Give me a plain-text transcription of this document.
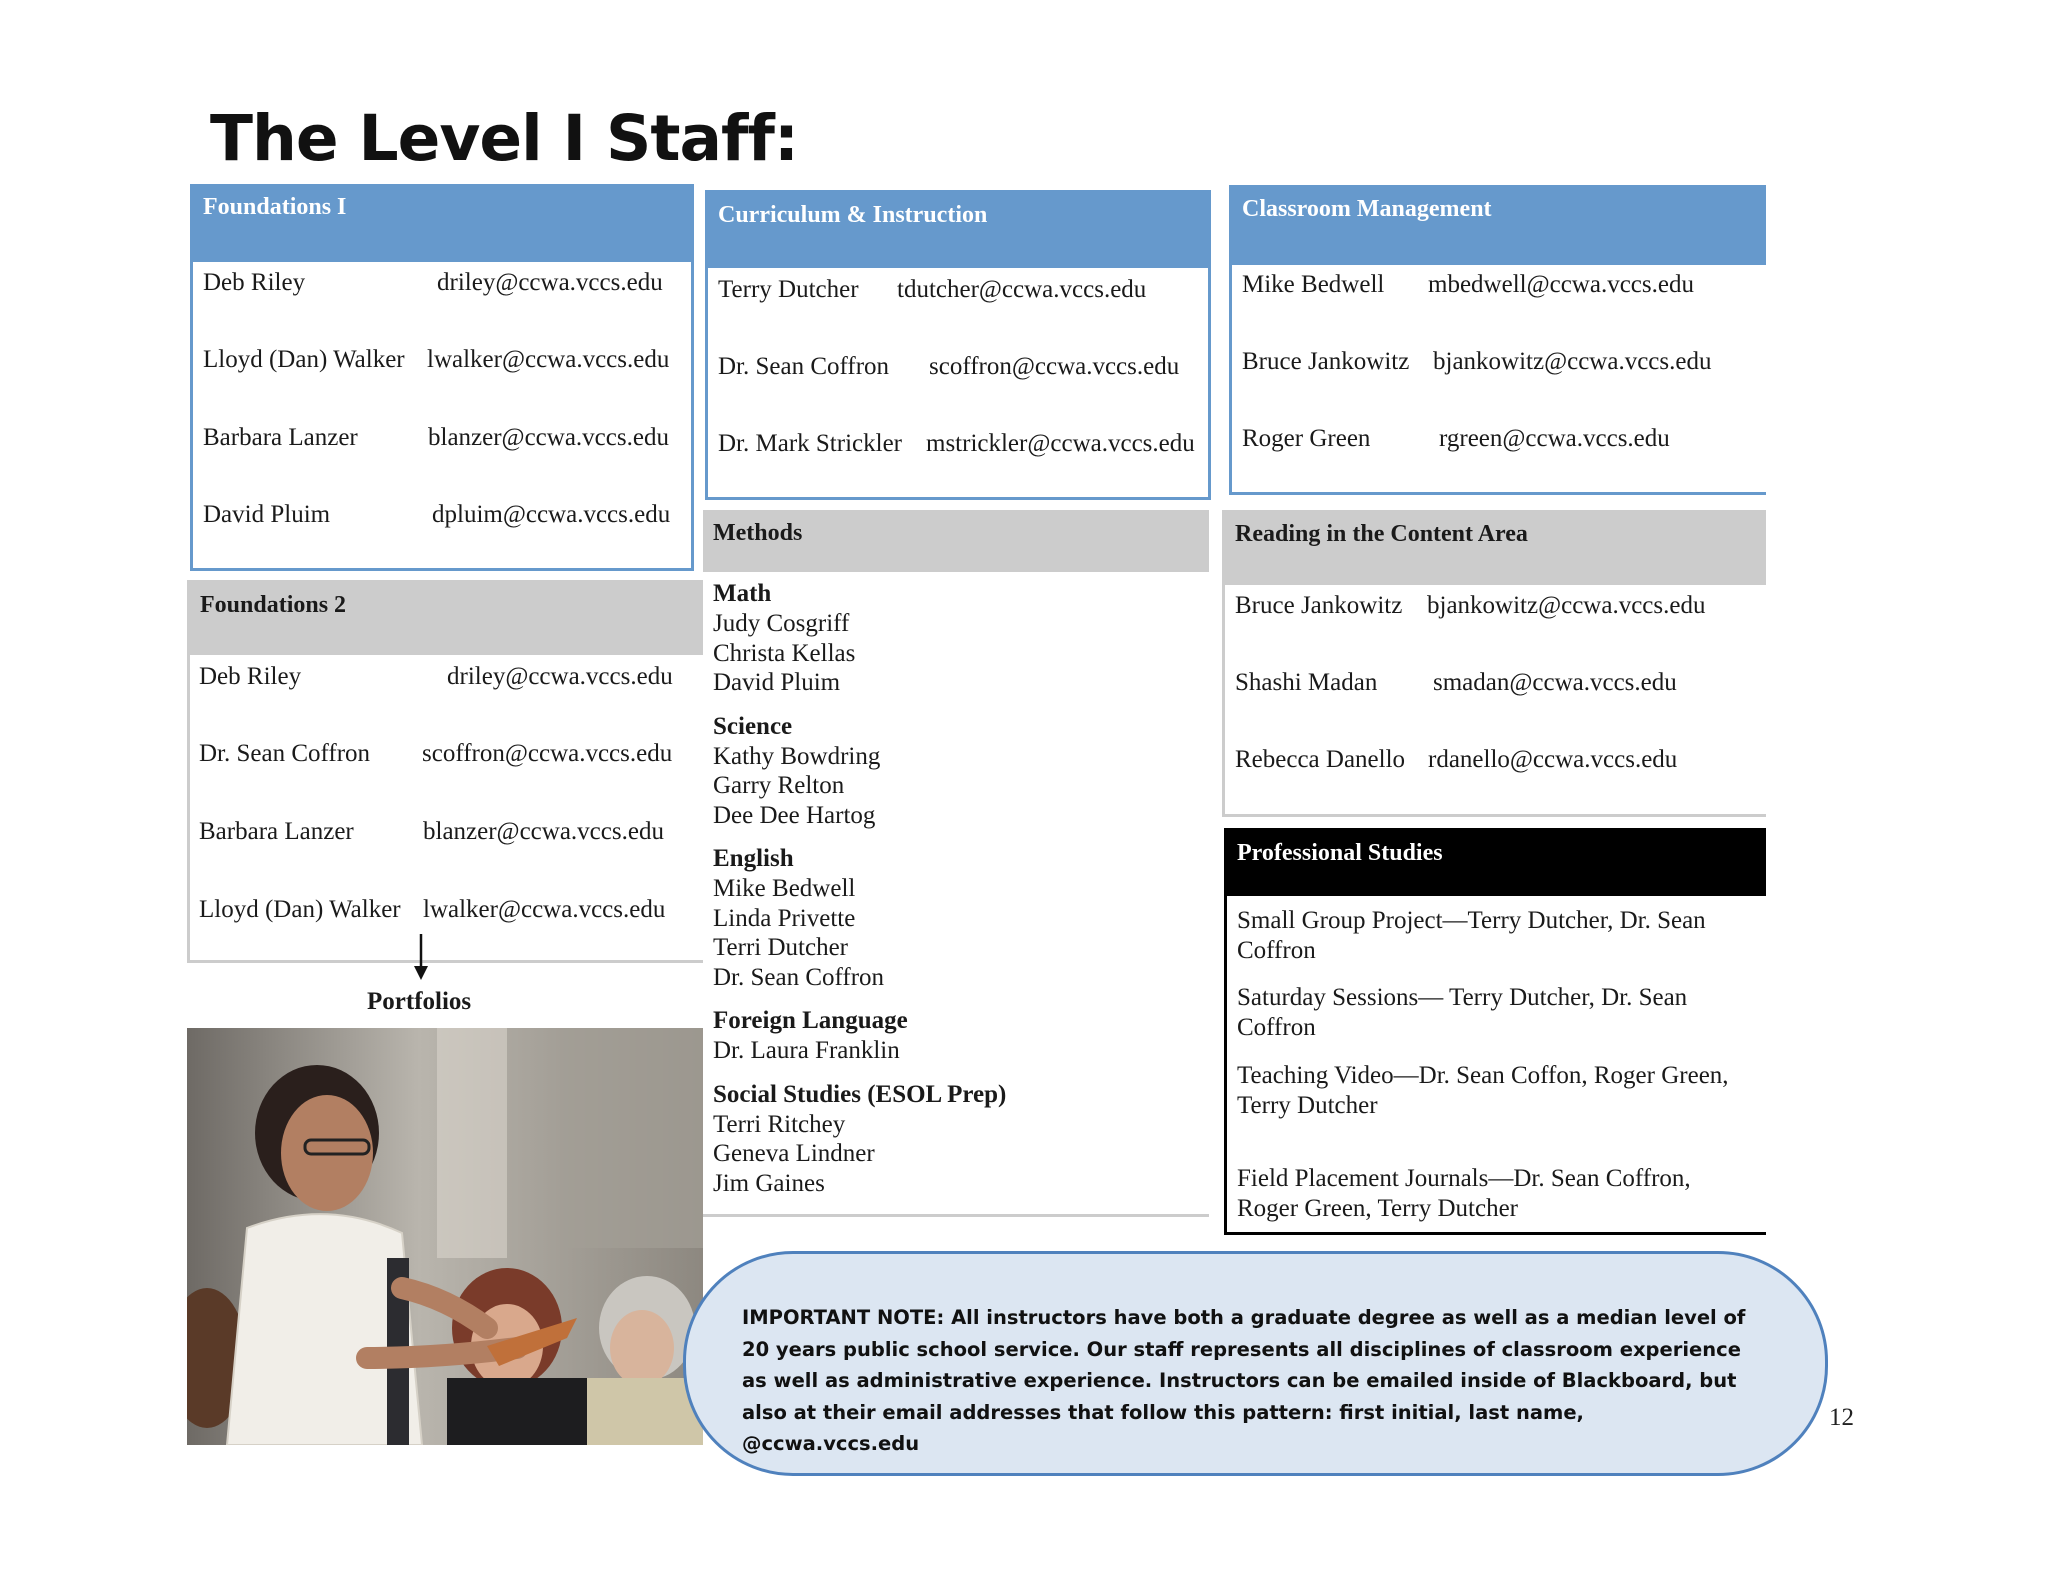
The Level I Staff:
Foundations I
Deb Riley	driley@ccwa.vccs.edu
Lloyd (Dan) Walker lwalker@ccwa.vccs.edu
Barbara Lanzer	blanzer@ccwa.vccs.edu
David Pluim	dpluim@ccwa.vccs.edu
Foundations 2
Deb Riley	driley@ccwa.vccs.edu
Dr. Sean Coffron scoffron@ccwa.vccs.edu
Barbara Lanzer	blanzer@ccwa.vccs.edu
Lloyd (Dan) Walker lwalker@ccwa.vccs.edu
Portfolios
Curriculum & Instruction
Terry Dutcher tdutcher@ccwa.vccs.edu
Dr. Sean Coffron scoffron@ccwa.vccs.edu
Dr. Mark Strickler mstrickler@ccwa.vccs.edu
Methods
Math
Judy Cosgriff
Christa Kellas
David Pluim
Science
Kathy Bowdring
Garry Relton
Dee Dee Hartog
English
Mike Bedwell
Linda Privette
Terri Dutcher
Dr. Sean Coffron
Foreign Language
Dr. Laura Franklin
Social Studies (ESOL Prep)
Terri Ritchey
Geneva Lindner
Jim Gaines
Classroom Management
Mike Bedwell mbedwell@ccwa.vccs.edu
Bruce Jankowitz bjankowitz@ccwa.vccs.edu
Roger Green	rgreen@ccwa.vccs.edu
Reading in the Content Area
Bruce Jankowitz bjankowitz@ccwa.vccs.edu
Shashi Madan smadan@ccwa.vccs.edu
Rebecca Danello rdanello@ccwa.vccs.edu
Professional Studies
Small Group Project—Terry Dutcher, Dr. Sean Coffron
Saturday Sessions— Terry Dutcher, Dr. Sean Coffron
Teaching Video—Dr. Sean Coffon, Roger Green, Terry Dutcher
Field Placement Journals—Dr. Sean Coffron, Roger Green, Terry Dutcher
IMPORTANT NOTE: All instructors have both a graduate degree as well as a median level of 20 years public school service. Our staff represents all disciplines of classroom experience as well as administrative experience. Instructors can be emailed inside of Blackboard, but also at their email addresses that follow this pattern: first initial, last name, @ccwa.vccs.edu
12
